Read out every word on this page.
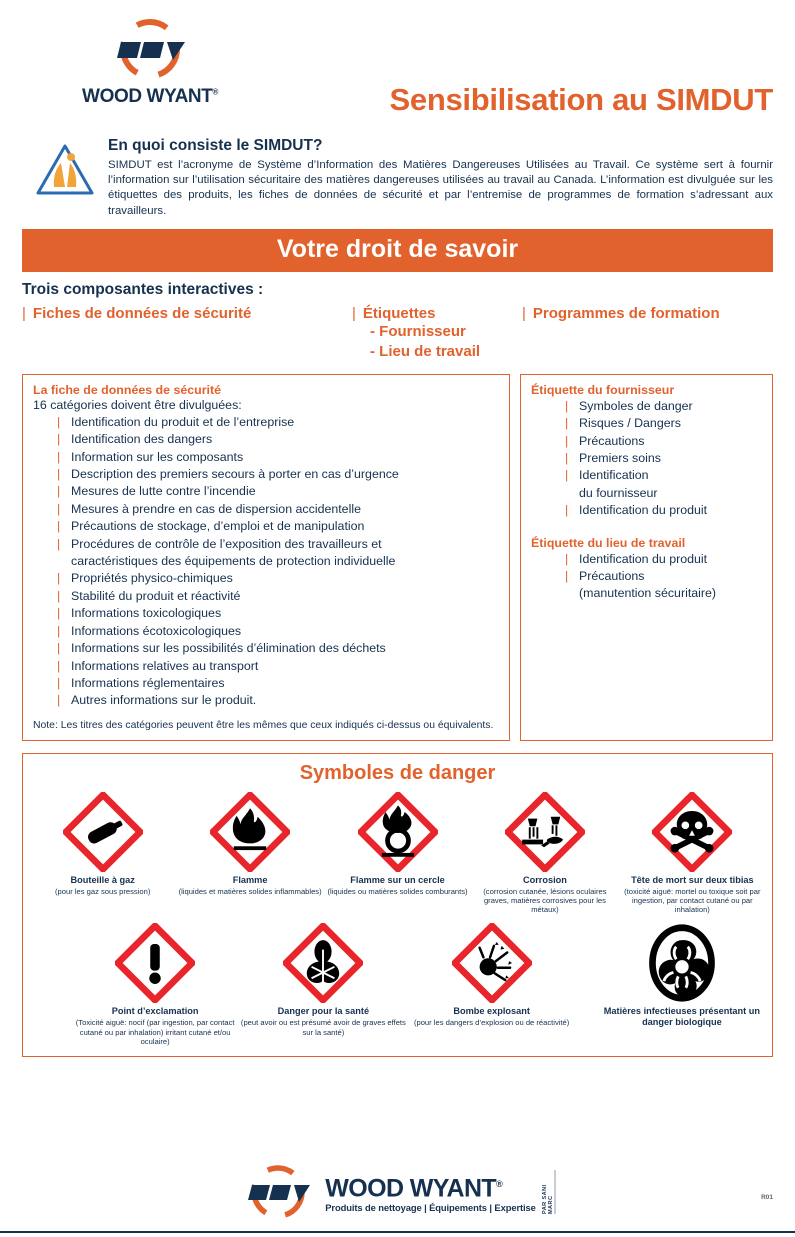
WOOD WYANT®	Sensibilisation au SIMDUT
En quoi consiste le SIMDUT?
SIMDUT est l’acronyme de Système d’Information des Matières Dangereuses Utilisées au Travail. Ce système sert à fournir l’information sur l’utilisation sécuritaire des matières dangereuses utilisées au travail au Canada. L’information est divulguée sur les étiquettes des produits, les fiches de données de sécurité et par l’entremise de programmes de formation s’adressant aux travailleurs.
Votre droit de savoir
Trois composantes interactives :
| Fiches de données de sécurité	| Étiquettes	| Programmes de formation
- Fournisseur
- Lieu de travail
La fiche de données de sécurité
16 catégories doivent être divulguées:
| Identification du produit et de l’entreprise
| Identification des dangers
| Information sur les composants
| Description des premiers secours à porter en cas d’urgence
| Mesures de lutte contre l’incendie
| Mesures à prendre en cas de dispersion accidentelle
| Précautions de stockage, d’emploi et de manipulation
| Procédures de contrôle de l’exposition des travailleurs et
caractéristiques des équipements de protection individuelle
| Propriétés physico-chimiques
| Stabilité du produit et réactivité
| Informations toxicologiques
| Informations écotoxicologiques
| Informations sur les possibilités d’élimination des déchets
| Informations relatives au transport
| Informations réglementaires
| Autres informations sur le produit.
Note: Les titres des catégories peuvent être les mêmes que ceux indiqués ci-dessus ou équivalents.
Étiquette du fournisseur
| Symboles de danger
| Risques / Dangers
| Précautions
| Premiers soins
| Identification
du fournisseur
| Identification du produit
Étiquette du lieu de travail
| Identification du produit
| Précautions
(manutention sécuritaire)
Symboles de danger
Bouteille à gaz
(pour les gaz sous pression)
Flamme
(liquides et matières solides inflammables)
Flamme sur un cercle
(liquides ou matières solides comburants)
Corrosion
(corrosion cutanée, lésions oculaires graves, matières corrosives pour les métaux)
Tête de mort sur deux tibias
(toxicité aiguë: mortel ou toxique soit par ingestion, par contact cutané ou par inhalation)
Point d’exclamation
(Toxicité aiguë: nocif (par ingestion, par contact cutané ou par inhalation) irritant cutané et/ou oculaire)
Danger pour la santé
(peut avoir ou est présumé avoir de graves effets sur la santé)
Bombe explosant
(pour les dangers d’explosion ou de réactivité)
Matières infectieuses présentant un danger biologique
WOOD WYANT®
Produits de nettoyage | Équipements | Expertise PAR SANI MARC	R01
